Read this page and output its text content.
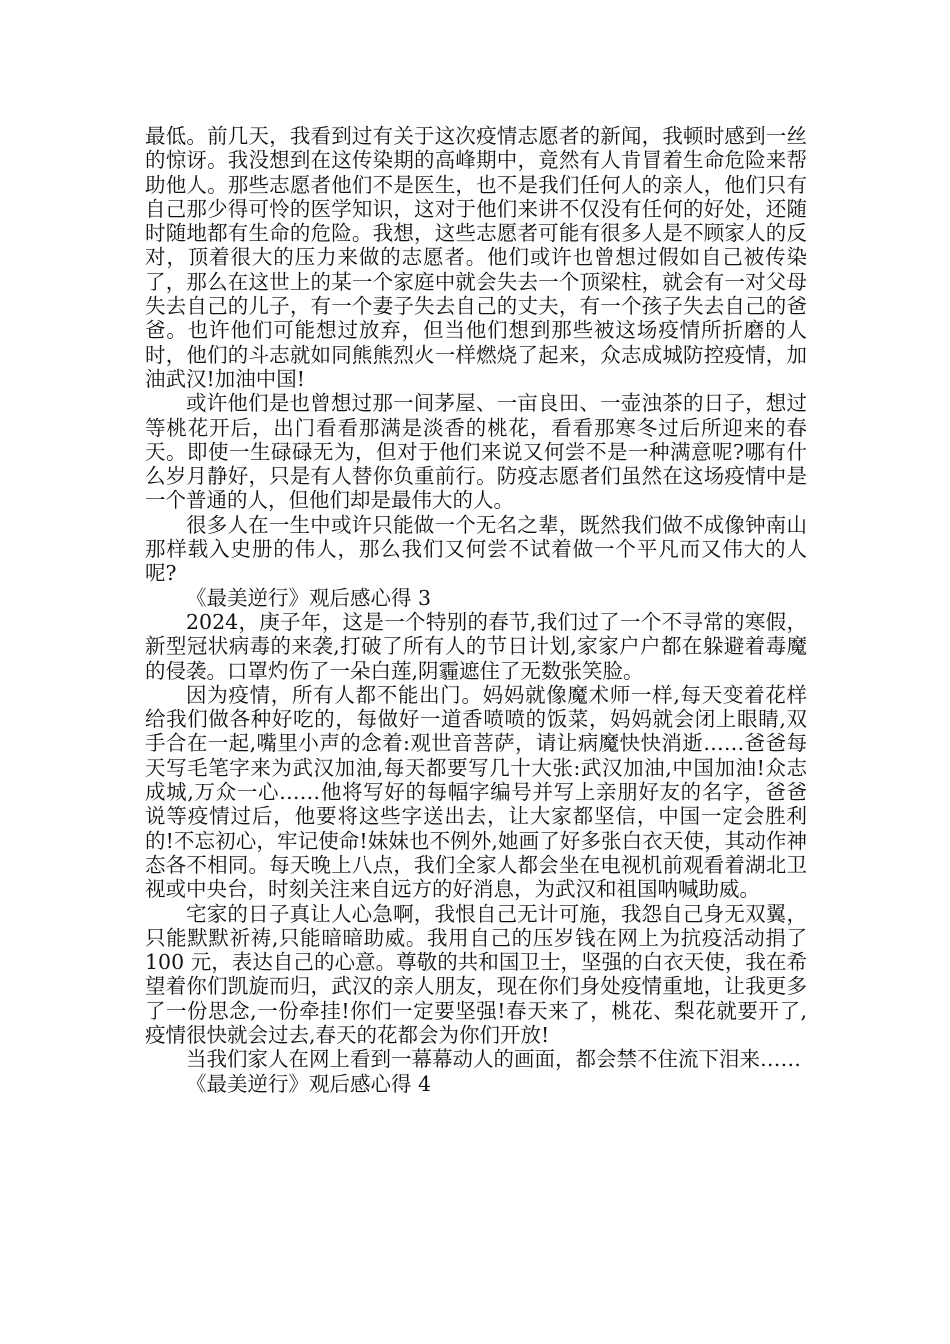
最低。前几天，我看到过有关于这次疫情志愿者的新闻，我顿时感到一丝的惊讶。我没想到在这传染期的高峰期中，竟然有人肯冒着生命危险来帮助他人。那些志愿者他们不是医生，也不是我们任何人的亲人，他们只有自己那少得可怜的医学知识，这对于他们来讲不仅没有任何的好处，还随时随地都有生命的危险。我想，这些志愿者可能有很多人是不顾家人的反对，顶着很大的压力来做的志愿者。他们或许也曾想过假如自己被传染了，那么在这世上的某一个家庭中就会失去一个顶梁柱，就会有一对父母失去自己的儿子，有一个妻子失去自己的丈夫，有一个孩子失去自己的爸爸。也许他们可能想过放弃，但当他们想到那些被这场疫情所折磨的人时，他们的斗志就如同熊熊烈火一样燃烧了起来，众志成城防控疫情，加油武汉!加油中国!

或许他们是也曾想过那一间茅屋、一亩良田、一壶浊茶的日子，想过等桃花开后，出门看看那满是淡香的桃花，看看那寒冬过后所迎来的春天。即使一生碌碌无为，但对于他们来说又何尝不是一种满意呢?哪有什么岁月静好，只是有人替你负重前行。防疫志愿者们虽然在这场疫情中是一个普通的人，但他们却是最伟大的人。

很多人在一生中或许只能做一个无名之辈，既然我们做不成像钟南山那样载入史册的伟人，那么我们又何尝不试着做一个平凡而又伟大的人呢?

《最美逆行》观后感心得 3

2024，庚子年，这是一个特别的春节,我们过了一个不寻常的寒假，新型冠状病毒的来袭,打破了所有人的节日计划,家家户户都在躲避着毒魔的侵袭。口罩灼伤了一朵白莲,阴霾遮住了无数张笑脸。

因为疫情，所有人都不能出门。妈妈就像魔术师一样,每天变着花样给我们做各种好吃的，每做好一道香喷喷的饭菜，妈妈就会闭上眼睛,双手合在一起,嘴里小声的念着:观世音菩萨，请让病魔快快消逝……爸爸每天写毛笔字来为武汉加油,每天都要写几十大张:武汉加油,中国加油!众志成城,万众一心……他将写好的每幅字编号并写上亲朋好友的名字，爸爸说等疫情过后，他要将这些字送出去，让大家都坚信，中国一定会胜利的!不忘初心，牢记使命!妹妹也不例外,她画了好多张白衣天使，其动作神态各不相同。每天晚上八点，我们全家人都会坐在电视机前观看着湖北卫视或中央台，时刻关注来自远方的好消息，为武汉和祖国呐喊助威。

宅家的日子真让人心急啊，我恨自己无计可施，我怨自己身无双翼，只能默默祈祷,只能暗暗助威。我用自己的压岁钱在网上为抗疫活动捐了 100 元，表达自己的心意。尊敬的共和国卫士，坚强的白衣天使，我在希望着你们凯旋而归，武汉的亲人朋友，现在你们身处疫情重地，让我更多了一份思念,一份牵挂!你们一定要坚强!春天来了，桃花、梨花就要开了,疫情很快就会过去,春天的花都会为你们开放!

当我们家人在网上看到一幕幕动人的画面，都会禁不住流下泪来……

《最美逆行》观后感心得 4
